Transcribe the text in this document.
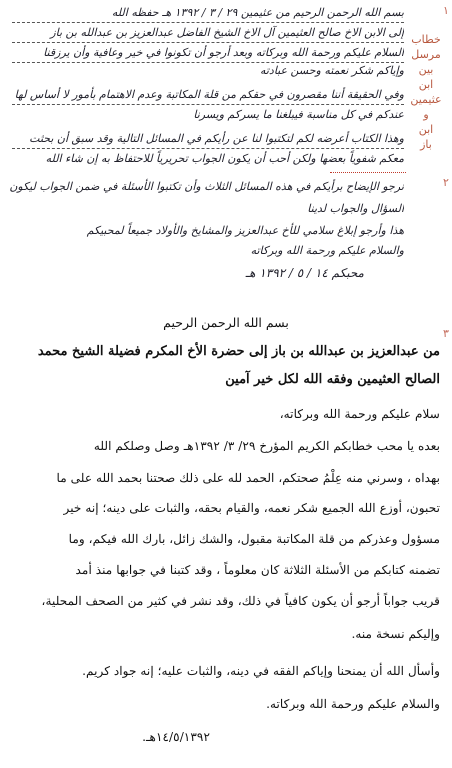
١
خطاب
مرسل
بين
ابن
عثيمين
و
ابن
باز
٢
٣
بسم الله الرحمن الرحيم من عثيمين ٢٩ / ٣ / ١٣٩٢ هـ حفظه الله
إلى الابن الاخ صالح العثيمين آل الاخ الشيخ الفاضل عبدالعزيز بن عبدالله بن باز
السلام عليكم ورحمة الله وبركاته وبعد أرجو أن تكونوا في خير وعافية وأن يرزقنا
وإياكم شكر نعمته وحسن عبادته
وفي الحقيقة أننا مقصرون في حقكم من قلة المكاتبة وعدم الاهتمام بأمور لا أساس لها
عندكم في كل مناسبة فيبلغنا ما يسركم ويسرنا
وهذا الكتاب أعرضه لكم لتكتبوا لنا عن رأيكم في المسائل التالية وقد سبق أن بحثت
معكم شفوياً بعضها ولكن أحب أن يكون الجواب تحريرياً للاحتفاظ به إن شاء الله
نرجو الإيضاح برأيكم في هذه المسائل الثلاث وأن تكتبوا الأسئلة في ضمن الجواب ليكون
السؤال والجواب لدينا
هذا وأرجو إبلاغ سلامي للأخ عبدالعزيز والمشايخ والأولاد جميعاً لمحبيكم
والسلام عليكم ورحمة الله وبركاته
محبكم ١٤ / ٥ / ١٣٩٢ هـ
بسم الله الرحمن الرحيم
من عبدالعزيز بن عبدالله بن باز إلى حضرة الأخ المكرم فضيلة الشيخ محمد
الصالح العثيمين وفقه الله لكل خير آمين
سلام عليكم ورحمة الله وبركاته،
بعده يا محب خطابكم الكريم المؤرخ ٢٩/ ٣/ ١٣٩٢هـ وصل وصلكم الله
بهداه ، وسرني منه عِلْمُ صحتكم، الحمد لله على ذلك صحتنا بحمد الله على ما
تحبون، أوزع الله الجميع شكر نعمه، والقيام بحقه، والثبات على دينه؛ إنه خير
مسؤول وعذركم من قلة المكاتبة مقبول، والشك زائل، بارك الله فيكم، وما
تضمنه كتابكم من الأسئلة الثلاثة كان معلوماً ، وقد كتبنا في جوابها منذ أمد
قريب جواباً أرجو أن يكون كافياً في ذلك، وقد نشر في كثير من الصحف المحلية،
وإليكم نسخة منه.
وأسأل الله أن يمنحنا وإياكم الفقه في دينه، والثبات عليه؛ إنه جواد كريم.
والسلام عليكم ورحمة الله وبركاته.
١٤/٥/١٣٩٢هـ.
